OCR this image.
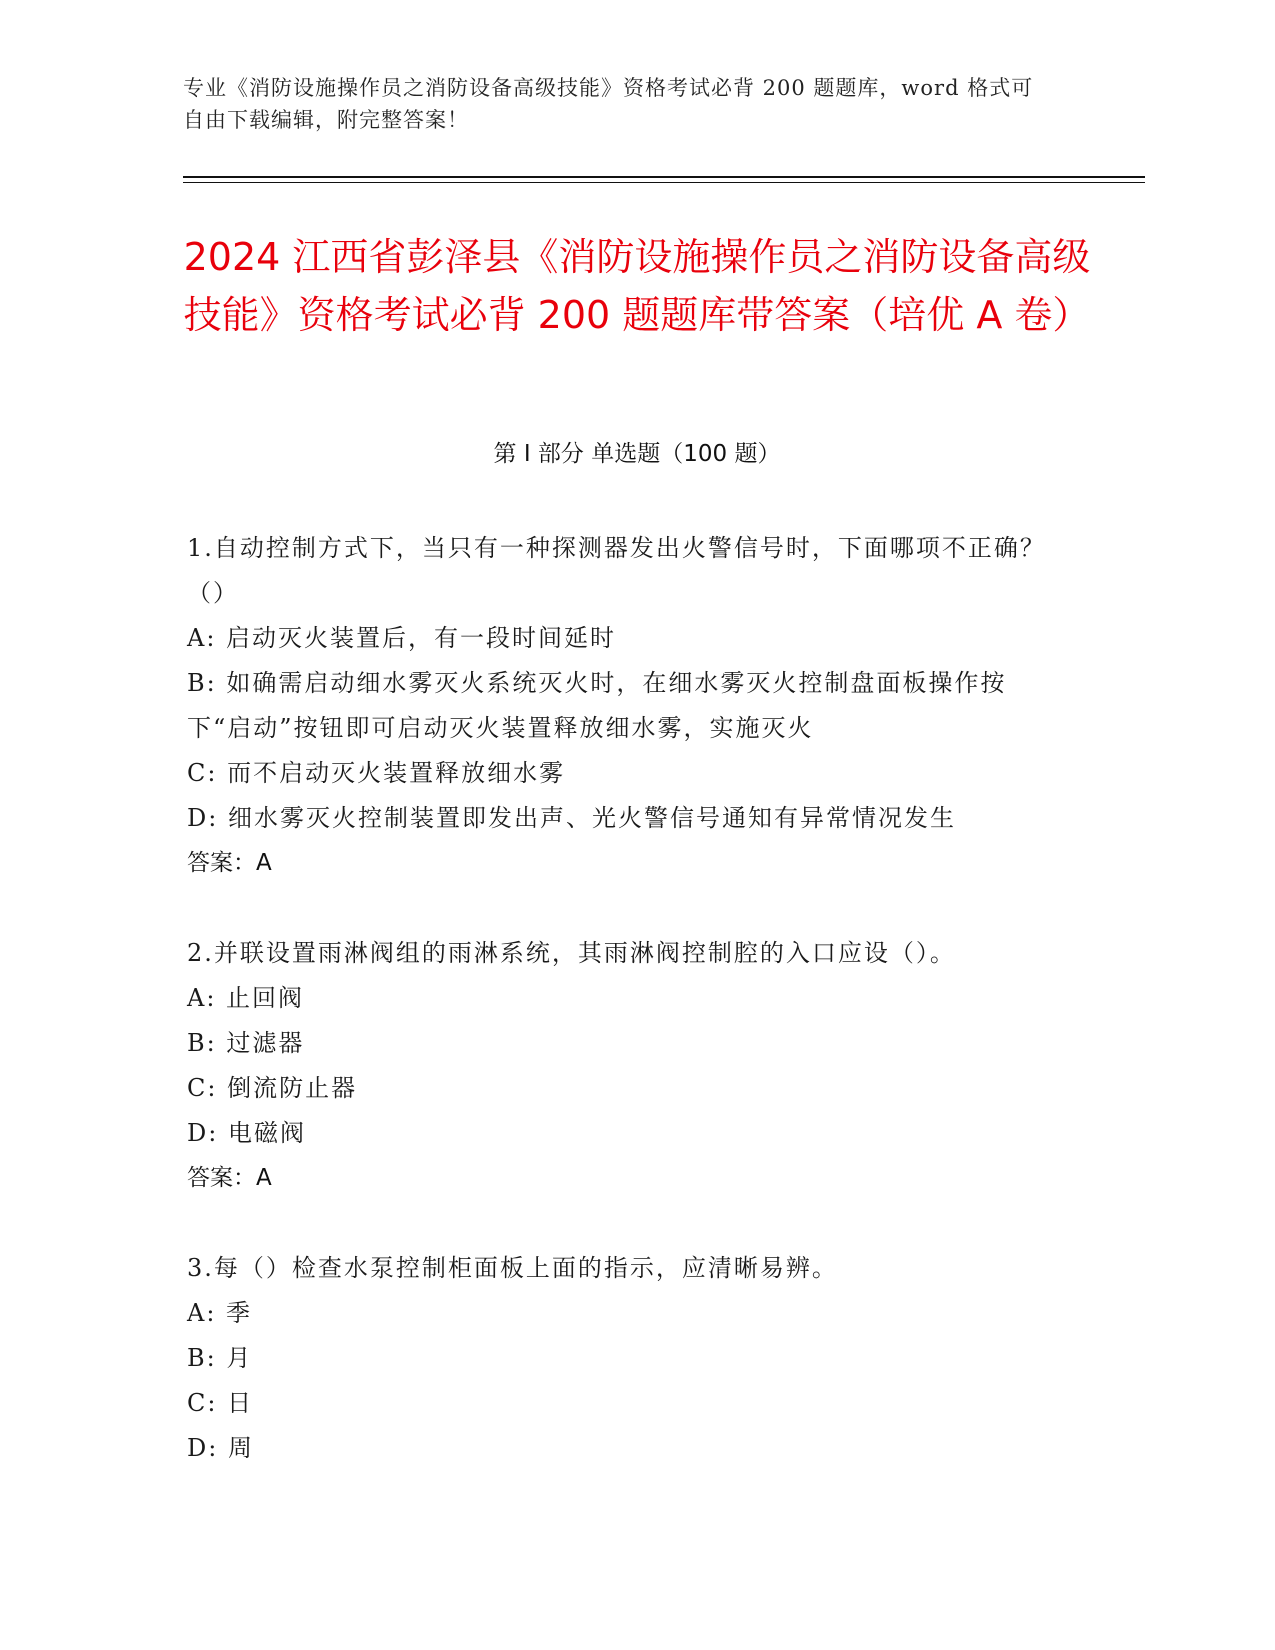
专业《消防设施操作员之消防设备高级技能》资格考试必背 200 题题库，word 格式可自由下载编辑，附完整答案！
2024 江西省彭泽县《消防设施操作员之消防设备高级技能》资格考试必背 200 题题库带答案（培优 A 卷）
第 I 部分 单选题（100 题）
1.自动控制方式下，当只有一种探测器发出火警信号时，下面哪项不正确？（）
A: 启动灭火装置后，有一段时间延时
B: 如确需启动细水雾灭火系统灭火时，在细水雾灭火控制盘面板操作按下“启动”按钮即可启动灭火装置释放细水雾，实施灭火
C: 而不启动灭火装置释放细水雾
D: 细水雾灭火控制装置即发出声、光火警信号通知有异常情况发生
答案：A
2.并联设置雨淋阀组的雨淋系统，其雨淋阀控制腔的入口应设（）。
A: 止回阀
B: 过滤器
C: 倒流防止器
D: 电磁阀
答案：A
3.每（）检查水泵控制柜面板上面的指示，应清晰易辨。
A: 季
B: 月
C: 日
D: 周
